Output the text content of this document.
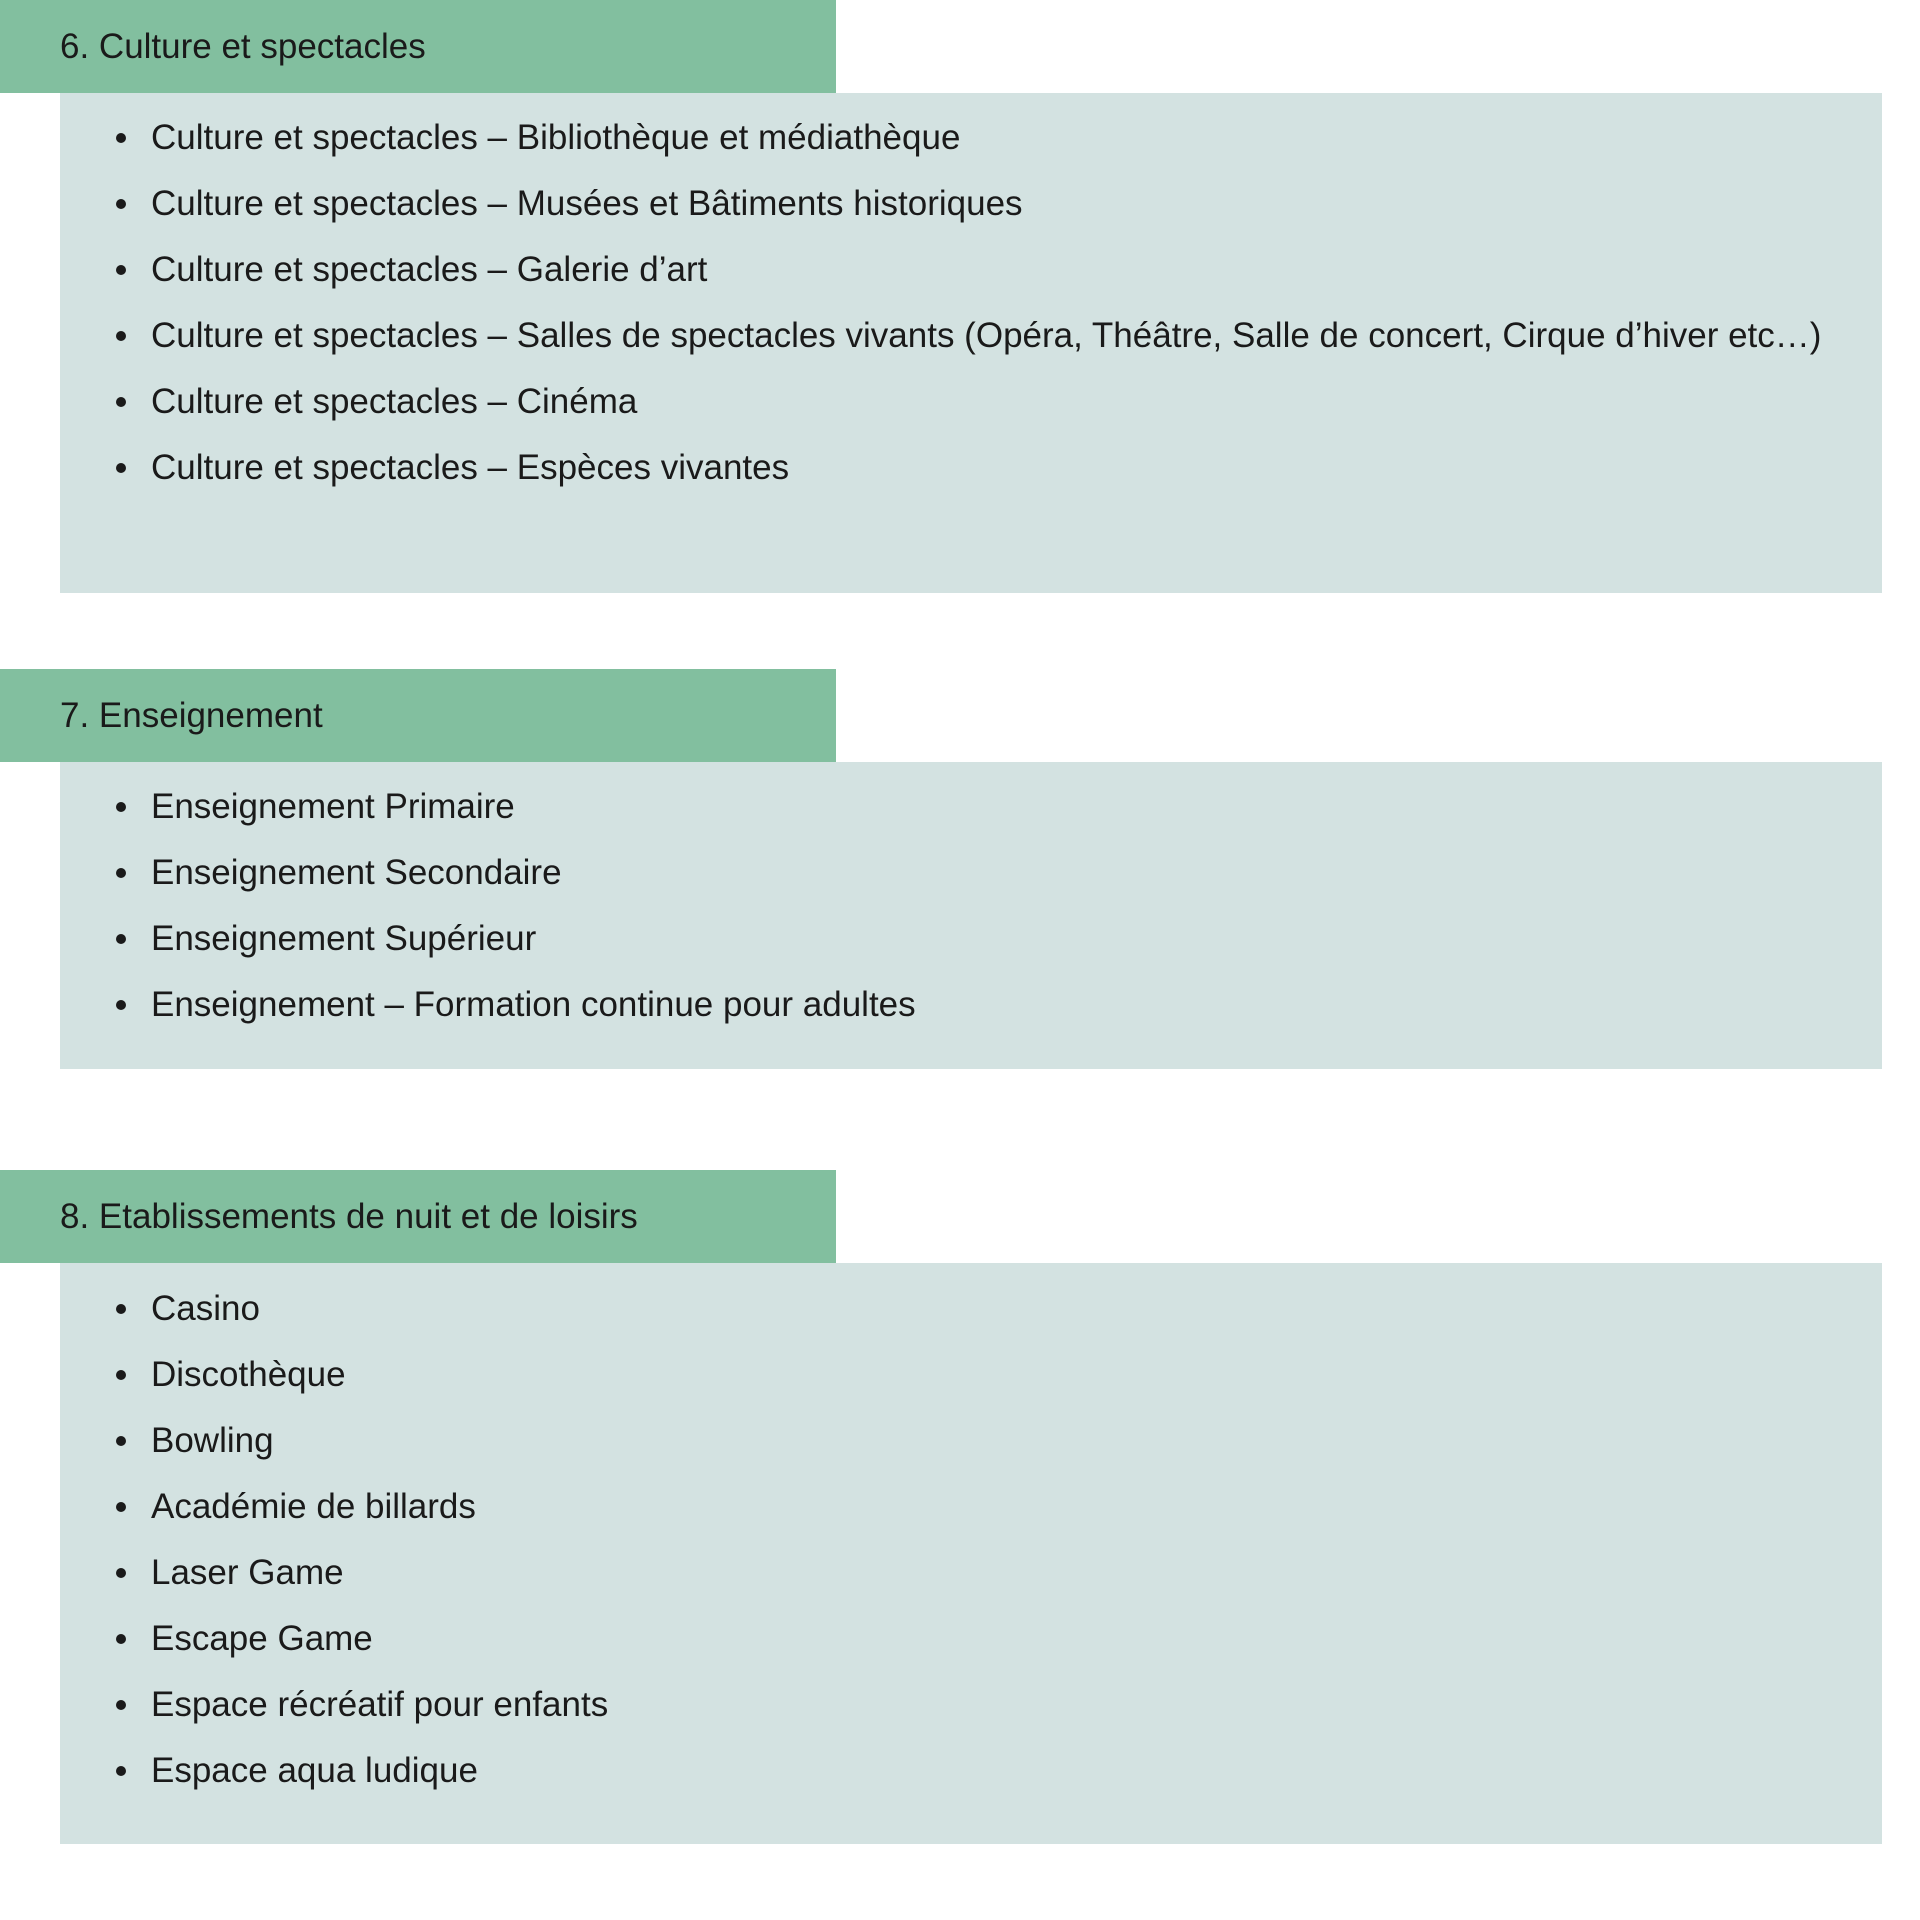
6. Culture et spectacles
Culture et spectacles – Bibliothèque et médiathèque
Culture et spectacles – Musées et Bâtiments historiques
Culture et spectacles – Galerie d’art
Culture et spectacles – Salles de spectacles vivants (Opéra, Théâtre, Salle de concert, Cirque d’hiver etc…)
Culture et spectacles – Cinéma
Culture et spectacles – Espèces vivantes
7. Enseignement
Enseignement Primaire
Enseignement Secondaire
Enseignement Supérieur
Enseignement – Formation continue pour adultes
8. Etablissements de nuit et de loisirs
Casino
Discothèque
Bowling
Académie de billards
Laser Game
Escape Game
Espace récréatif pour enfants
Espace aqua ludique
